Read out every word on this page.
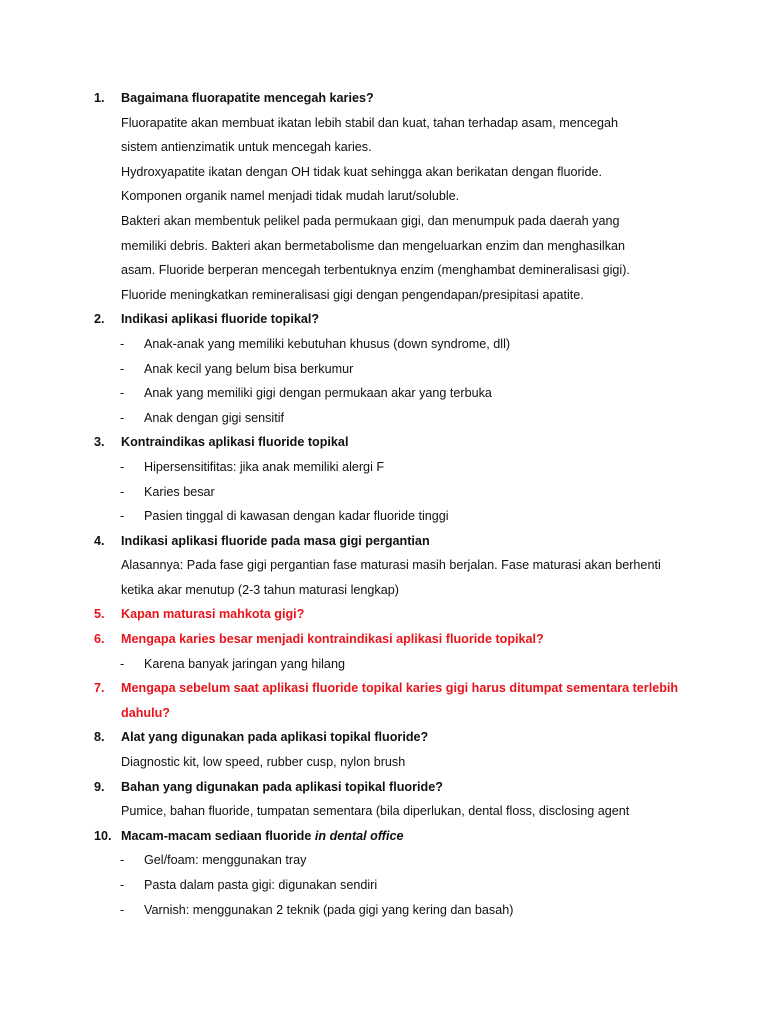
1. Bagaimana fluorapatite mencegah karies?
Fluorapatite akan membuat ikatan lebih stabil dan kuat, tahan terhadap asam, mencegah
sistem antienzimatik untuk mencegah karies.
Hydroxyapatite ikatan dengan OH tidak kuat sehingga akan berikatan dengan fluoride.
Komponen organik namel menjadi tidak mudah larut/soluble.
Bakteri akan membentuk pelikel pada permukaan gigi, dan menumpuk pada daerah yang
memiliki debris. Bakteri akan bermetabolisme dan mengeluarkan enzim dan menghasilkan
asam. Fluoride berperan mencegah terbentuknya enzim (menghambat demineralisasi gigi).
Fluoride meningkatkan remineralisasi gigi dengan pengendapan/presipitasi apatite.
2. Indikasi aplikasi fluoride topikal?
- Anak-anak yang memiliki kebutuhan khusus (down syndrome, dll)
- Anak kecil yang belum bisa berkumur
- Anak yang memiliki gigi dengan permukaan akar yang terbuka
- Anak dengan gigi sensitif
3. Kontraindikas aplikasi fluoride topikal
- Hipersensitifitas: jika anak memiliki alergi F
- Karies besar
- Pasien tinggal di kawasan dengan kadar fluoride tinggi
4. Indikasi aplikasi fluoride pada masa gigi pergantian
Alasannya: Pada fase gigi pergantian fase maturasi masih berjalan. Fase maturasi akan berhenti
ketika akar menutup (2-3 tahun maturasi lengkap)
5. Kapan maturasi mahkota gigi?
6. Mengapa karies besar menjadi kontraindikasi aplikasi fluoride topikal?
- Karena banyak jaringan yang hilang
7. Mengapa sebelum saat aplikasi fluoride topikal karies gigi harus ditumpat sementara terlebih
dahulu?
8. Alat yang digunakan pada aplikasi topikal fluoride?
Diagnostic kit, low speed, rubber cusp, nylon brush
9. Bahan yang digunakan pada aplikasi topikal fluoride?
Pumice, bahan fluoride, tumpatan sementara (bila diperlukan, dental floss, disclosing agent
10. Macam-macam sediaan fluoride in dental office
- Gel/foam: menggunakan tray
- Pasta dalam pasta gigi: digunakan sendiri
- Varnish: menggunakan 2 teknik (pada gigi yang kering dan basah)
